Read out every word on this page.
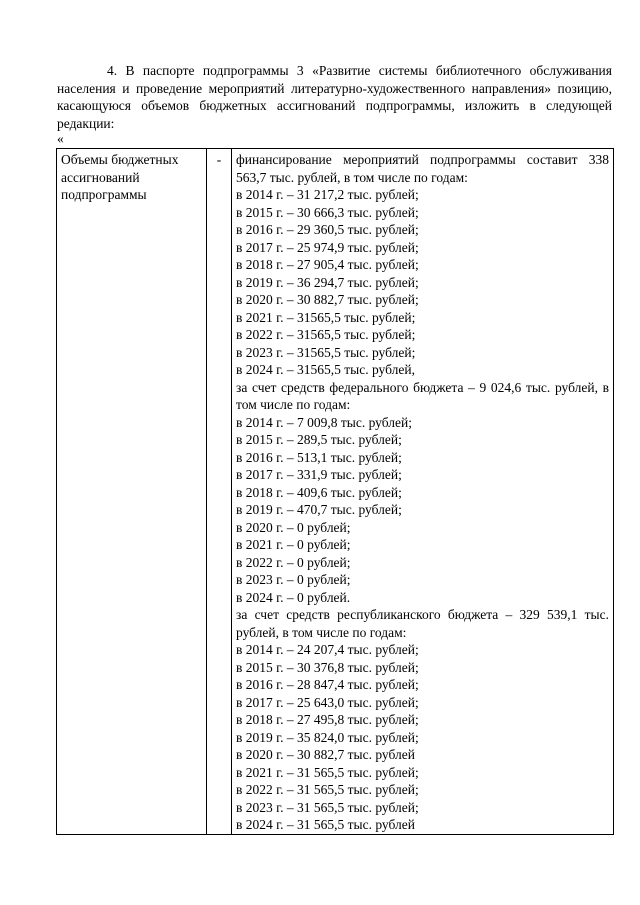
4. В паспорте подпрограммы 3 «Развитие системы библиотечного обслуживания населения и проведение мероприятий литературно-художественного направления» позицию, касающуюся объемов бюджетных ассигнований подпрограммы, изложить в следующей редакции:

«
Объемы бюджетных ассигнований подпрограммы	-	финансирование мероприятий подпрограммы составит 338 563,7 тыс. рублей, в том числе по годам:
в 2014 г. – 31 217,2 тыс. рублей;
в 2015 г. – 30 666,3 тыс. рублей;
в 2016 г. – 29 360,5 тыс. рублей;
в 2017 г. – 25 974,9 тыс. рублей;
в 2018 г. – 27 905,4 тыс. рублей;
в 2019 г. – 36 294,7 тыс. рублей;
в 2020 г. – 30 882,7 тыс. рублей;
в 2021 г. – 31565,5 тыс. рублей;
в 2022 г. – 31565,5 тыс. рублей;
в 2023 г. – 31565,5 тыс. рублей;
в 2024 г. – 31565,5 тыс. рублей,
за счет средств федерального бюджета – 9 024,6 тыс. рублей, в том числе по годам:
в 2014 г. – 7 009,8 тыс. рублей;
в 2015 г. – 289,5 тыс. рублей;
в 2016 г. – 513,1 тыс. рублей;
в 2017 г. – 331,9 тыс. рублей;
в 2018 г. – 409,6 тыс. рублей;
в 2019 г. – 470,7 тыс. рублей;
в 2020 г. – 0 рублей;
в 2021 г. – 0 рублей;
в 2022 г. – 0 рублей;
в 2023 г. – 0 рублей;
в 2024 г. – 0 рублей.
за счет средств республиканского бюджета – 329 539,1 тыс. рублей, в том числе по годам:
в 2014 г. – 24 207,4 тыс. рублей;
в 2015 г. – 30 376,8 тыс. рублей;
в 2016 г. – 28 847,4 тыс. рублей;
в 2017 г. – 25 643,0 тыс. рублей;
в 2018 г. – 27 495,8 тыс. рублей;
в 2019 г. – 35 824,0 тыс. рублей;
в 2020 г. – 30 882,7 тыс. рублей
в 2021 г. – 31 565,5 тыс. рублей;
в 2022 г. – 31 565,5 тыс. рублей;
в 2023 г. – 31 565,5 тыс. рублей;
в 2024 г. – 31 565,5 тыс. рублей
